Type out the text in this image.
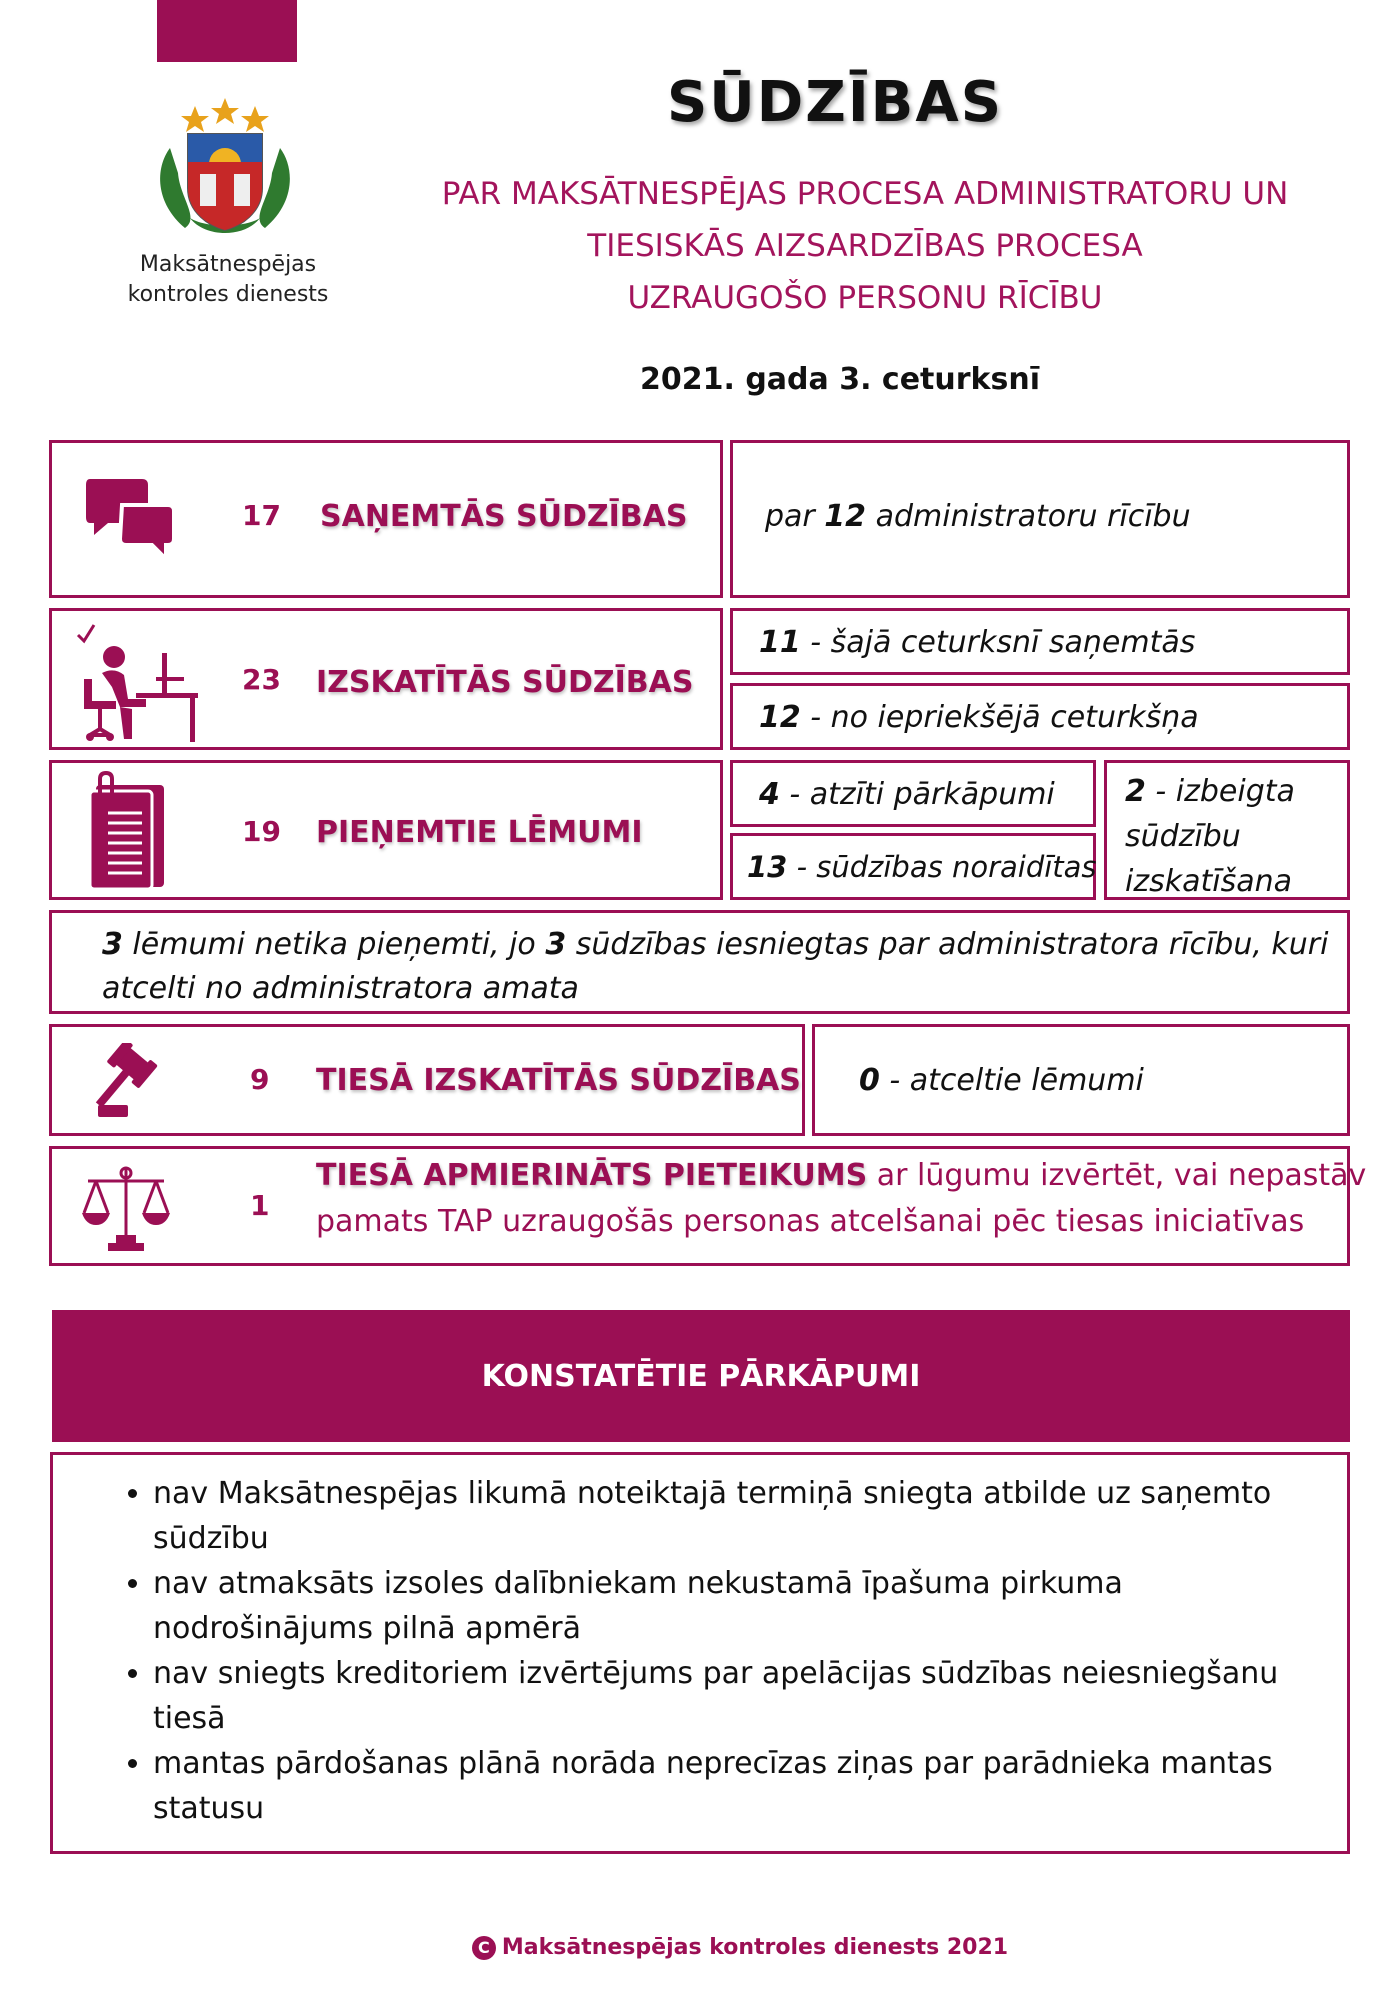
Maksātnespējas
kontroles dienests
SŪDZĪBAS
PAR MAKSĀTNESPĒJAS PROCESA ADMINISTRATORU UN
TIESISKĀS AIZSARDZĪBAS PROCESA
UZRAUGOŠO PERSONU RĪCĪBU
2021. gada 3. ceturksnī
17 SAŅEMTĀS SŪDZĪBAS	par 12 administratoru rīcību
23 IZSKATĪTĀS SŪDZĪBAS
11 - šajā ceturksnī saņemtās
12 - no iepriekšējā ceturkšņa
19 PIEŅEMTIE LĒMUMI
4 - atzīti pārkāpumi
13 - sūdzības noraidītas
2 - izbeigta
sūdzību
izskatīšana
3 lēmumi netika pieņemti, jo 3 sūdzības iesniegtas par administratora rīcību, kuri
atcelti no administratora amata
9 TIESĀ IZSKATĪTĀS SŪDZĪBAS 0 - atceltie lēmumi
1
TIESĀ APMIERINĀTS PIETEIKUMS ar lūgumu izvērtēt, vai nepastāv
pamats TAP uzraugošās personas atcelšanai pēc tiesas iniciatīvas
KONSTATĒTIE PĀRKĀPUMI
• nav Maksātnespējas likumā noteiktajā termiņā sniegta atbilde uz saņemto
sūdzību
• nav atmaksāts izsoles dalībniekam nekustamā īpašuma pirkuma
nodrošinājums pilnā apmērā
• nav sniegts kreditoriem izvērtējums par apelācijas sūdzības neiesniegšanu
tiesā
• mantas pārdošanas plānā norāda neprecīzas ziņas par parādnieka mantas
statusu
C Maksātnespējas kontroles dienests 2021
